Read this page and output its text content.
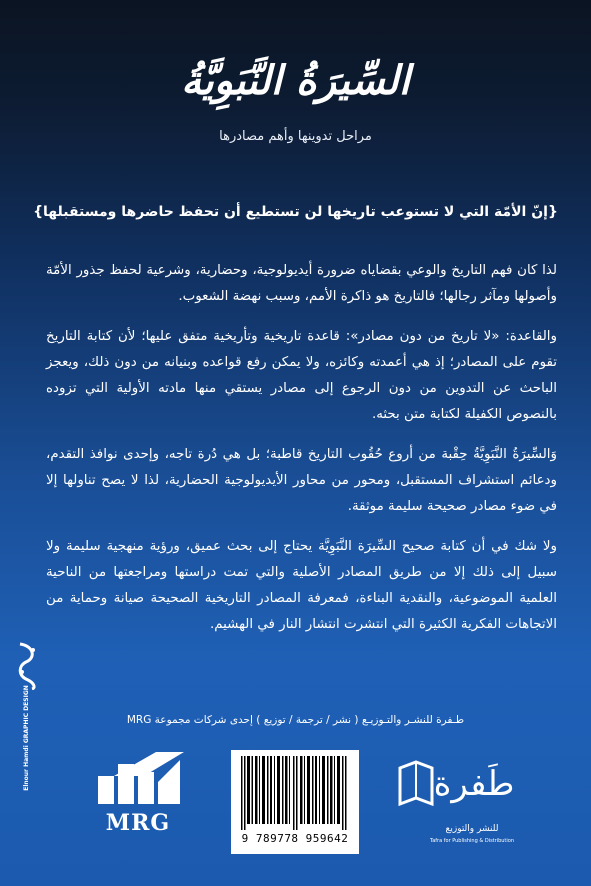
السِّيرَةُ النَّبَوِيَّةُ
مراحل تدوينها وأهم مصادرها
{إنّ الأمّة التي لا تستوعب تاريخها لن تستطيع أن تحفظ حاضرها ومستقبلها}

لذا كان فهم التاريخ والوعي بقضاياه ضرورة أيديولوجية، وحضارية، وشرعية لحفظ جذور الأمّة وأصولها ومآثر رجالها؛ فالتاريخ هو ذاكرة الأمم، وسبب نهضة الشعوب.

والقاعدة: «لا تاريخ من دون مصادر»: قاعدة تاريخية وتأريخية متفق عليها؛ لأن كتابة التاريخ تقوم على المصادر؛ إذ هي أعمدته وكائزه، ولا يمكن رفع قواعده وبنيانه من دون ذلك، ويعجز الباحث عن التدوين من دون الرجوع إلى مصادر يستقي منها مادته الأولية التي تزوده بالنصوص الكفيلة لكتابة متن بحثه.

وَالسِّيرَةُ النَّبَوِيَّةُ حِقْبة من أروع حُقُوب التاريخ قاطبة؛ بل هي دُرة تاجه، وإحدى نوافذ التقدم، ودعائم استشراف المستقبل، ومحور من محاور الأيديولوجية الحضارية، لذا لا يصح تناولها إلا في ضوء مصادر صحيحة سليمة موثقة.

ولا شك في أن كتابة صحيح السِّيرَة النَّبَوِيَّة يحتاج إلى بحث عميق، ورؤية منهجية سليمة ولا سبيل إلى ذلك إلا من طريق المصادر الأصلية والتي تمت دراستها ومراجعتها من الناحية العلمية الموضوعية، والنقدية البناءة، فمعرفة المصادر التاريخية الصحيحة صيانة وحماية من الاتجاهات الفكرية الكثيرة التي انتشرت انتشار النار في الهشيم.

Elnour Hamdi GRAPHIC DESIGN	طـفرة للنشـر والتـوزيـع ( نشر / ترجمة / توزيع ) إحدى شركات مجموعة MRG
MRG
9 789778 959642
طَفرة
للنشر والتوزيع
Tafra for Publishing & Distribution
